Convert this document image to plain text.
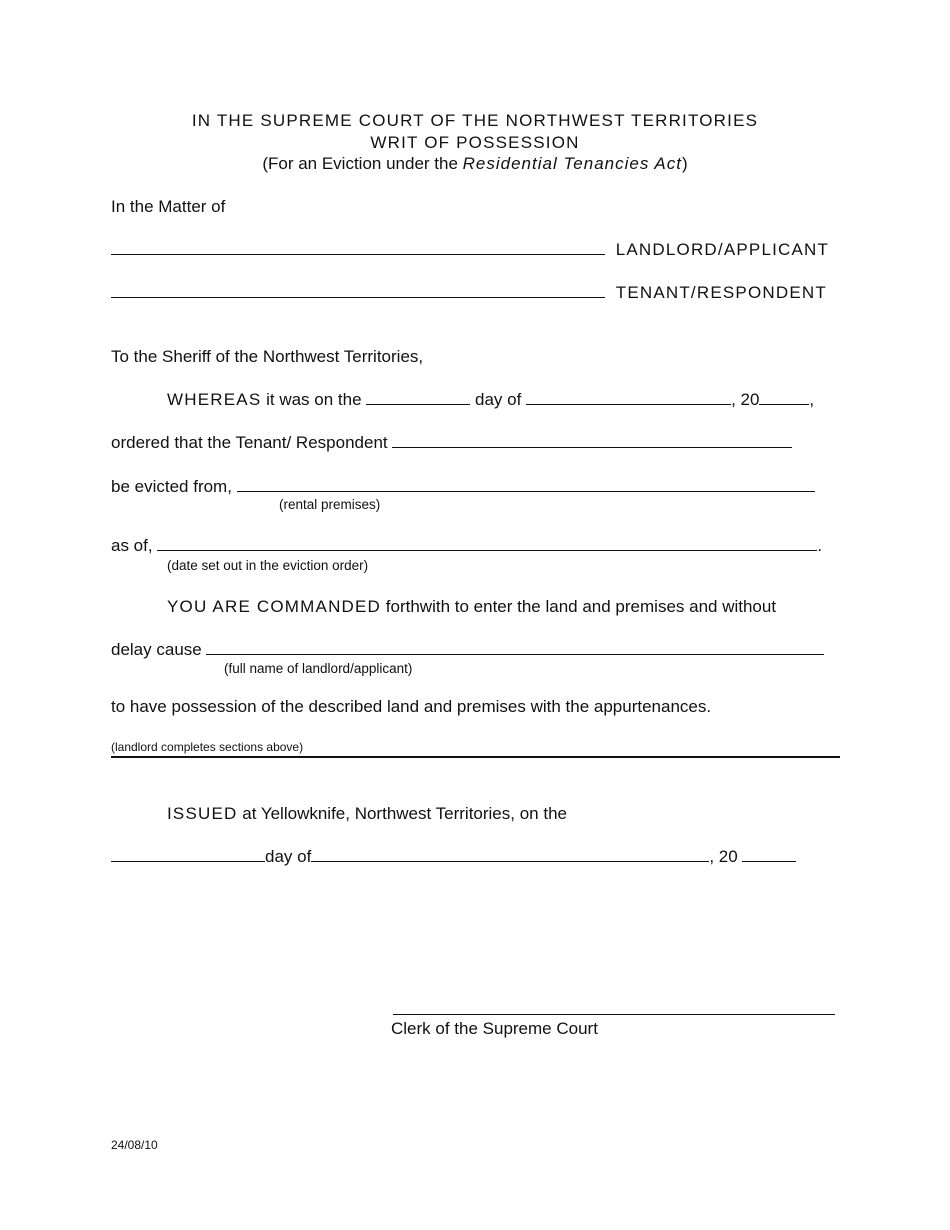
IN THE SUPREME COURT OF THE NORTHWEST TERRITORIES
WRIT OF POSSESSION
(For an Eviction under the Residential Tenancies Act)
In the Matter of
LANDLORD/APPLICANT
TENANT/RESPONDENT
To the Sheriff of the Northwest Territories,
WHEREAS it was on the	day of	, 20	,
ordered that the Tenant/ Respondent
be evicted from,
(rental premises)
as of,	.
(date set out in the eviction order)
YOU ARE COMMANDED forthwith to enter the land and premises and without
delay cause
(full name of landlord/applicant)
to have possession of the described land and premises with the appurtenances.
(landlord completes sections above)
ISSUED at Yellowknife, Northwest Territories, on the
day of	, 20
Clerk of the Supreme Court
24/08/10
